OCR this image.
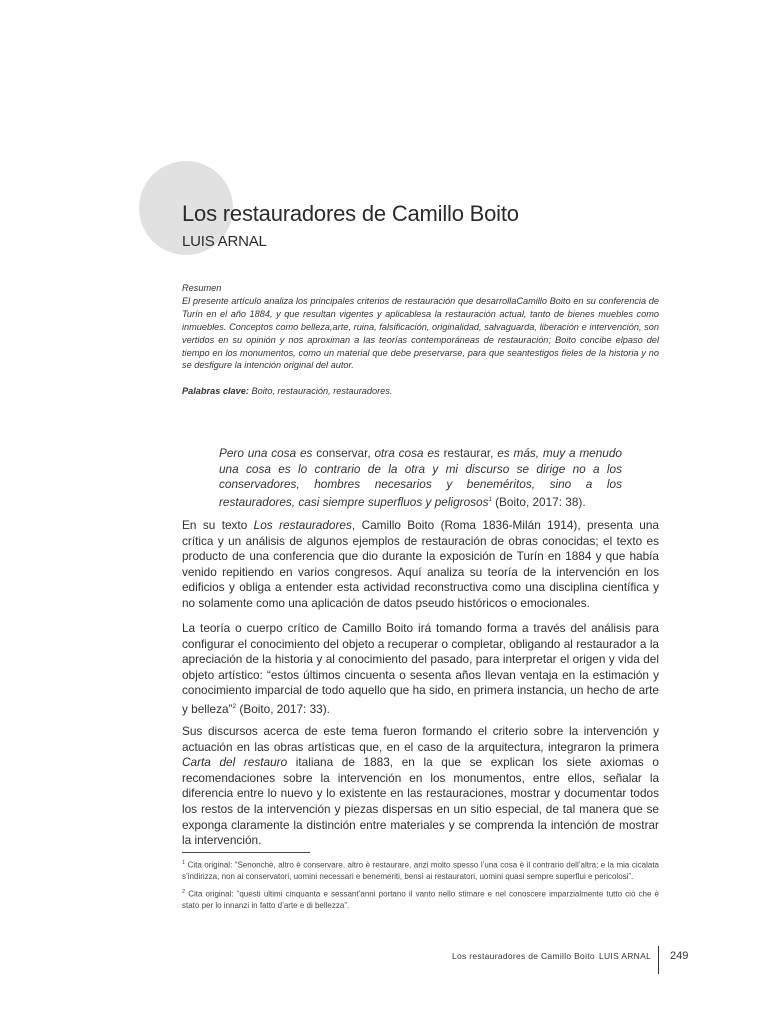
Los restauradores de Camillo Boito
LUIS ARNAL
Resumen

El presente artículo analiza los principales criterios de restauración que desarrollaCamillo Boito en su conferencia de Turín en el año 1884, y que resultan vigentes y aplicablesa la restauración actual, tanto de bienes muebles como inmuebles. Conceptos como belleza,arte, ruina, falsificación, originalidad, salvaguarda, liberación e intervención, son vertidos en su opinión y nos aproximan a las teorías contemporáneas de restauración; Boito concibe elpaso del tiempo en los monumentos, como un material que debe preservarse, para que seantestigos fieles de la historia y no se desfigure la intención original del autor.

Palabras clave: Boito, restauración, restauradores.
Pero una cosa es conservar, otra cosa es restaurar, es más, muy a menudo una cosa es lo contrario de la otra y mi discurso se dirige no a los conservadores, hombres necesarios y beneméritos, sino a los restauradores, casi siempre superfluos y peligrosos$^1$ (Boito, 2017: 38).

En su texto Los restauradores, Camillo Boito (Roma 1836-Milán 1914), presenta una crítica y un análisis de algunos ejemplos de restauración de obras conocidas; el texto es producto de una conferencia que dio durante la exposición de Turín en 1884 y que había venido repitiendo en varios congresos. Aquí analiza su teoría de la intervención en los edificios y obliga a entender esta actividad reconstructiva como una disciplina científica y no solamente como una aplicación de datos pseudo históricos o emocionales.

La teoría o cuerpo crítico de Camillo Boito irá tomando forma a través del análisis para configurar el conocimiento del objeto a recuperar o completar, obligando al restaurador a la apreciación de la historia y al conocimiento del pasado, para interpretar el origen y vida del objeto artístico: “estos últimos cincuenta o sesenta años llevan ventaja en la estimación y conocimiento imparcial de todo aquello que ha sido, en primera instancia, un hecho de arte y belleza”$^2$ (Boito, 2017: 33).

Sus discursos acerca de este tema fueron formando el criterio sobre la intervención y actuación en las obras artísticas que, en el caso de la arquitectura, integraron la primera Carta del restauro italiana de 1883, en la que se explican los siete axiomas o recomendaciones sobre la intervención en los monumentos, entre ellos, señalar la diferencia entre lo nuevo y lo existente en las restauraciones, mostrar y documentar todos los restos de la intervención y piezas dispersas en un sitio especial, de tal manera que se exponga claramente la distinción entre materiales y se comprenda la intención de mostrar la intervención.

$^1$ Cita original: “Senonchè, altro è conservare, altro è restaurare, anzi molto spesso l’una cosa è il contrario dell’altra; e la mia cicalata s’indirizza, non ai conservatori, uomini necessari e benemeriti, bensì ai restauratori, uomini quasi sempre superflui e pericolosi”.

$^2$ Cita original: “questi ultimi cinquanta e sessant’anni portano il vanto nello stimare e nel conoscere imparzialmente tutto ciò che è stato per lo innanzi in fatto d’arte e di bellezza”.

Los restauradores de Camillo Boito LUIS ARNAL 249
